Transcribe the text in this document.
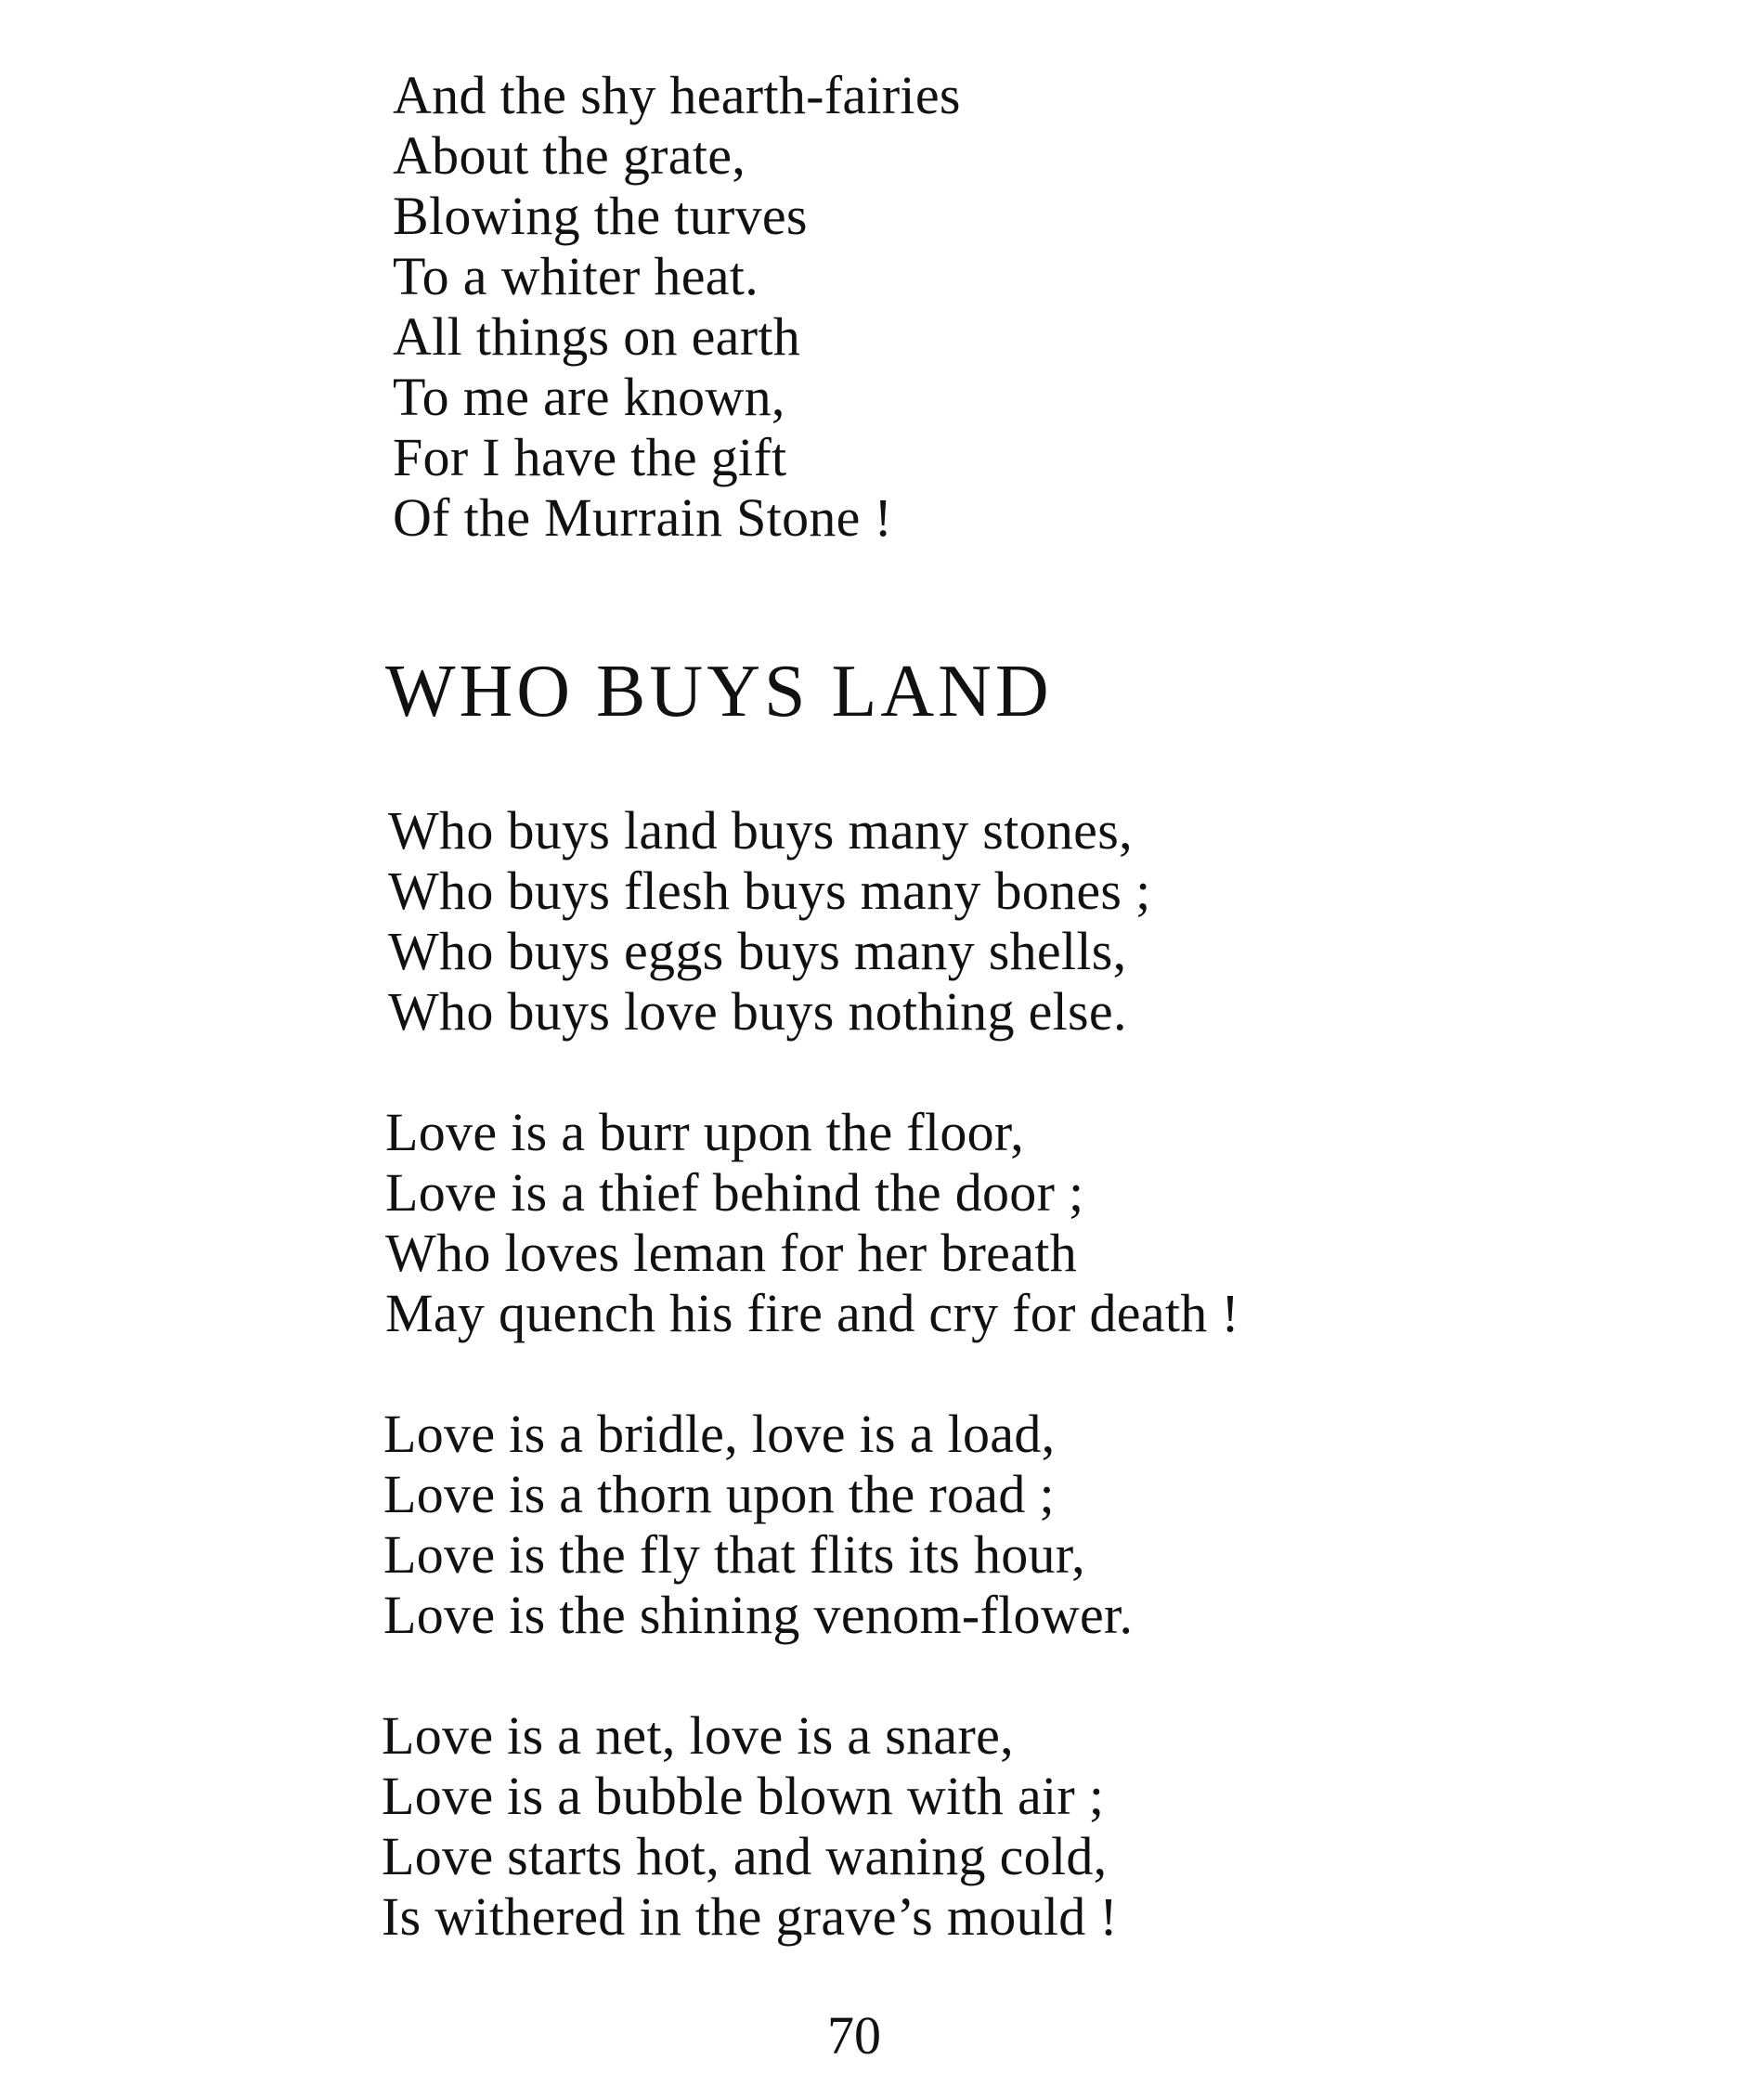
And the shy hearth-fairies
About the grate,
Blowing the turves
To a whiter heat.
All things on earth
To me are known,
For I have the gift
Of the Murrain Stone !
WHO BUYS LAND
Who buys land buys many stones,
Who buys flesh buys many bones ;
Who buys eggs buys many shells,
Who buys love buys nothing else.
Love is a burr upon the floor,
Love is a thief behind the door ;
Who loves leman for her breath
May quench his fire and cry for death !
Love is a bridle, love is a load,
Love is a thorn upon the road ;
Love is the fly that flits its hour,
Love is the shining venom-flower.
Love is a net, love is a snare,
Love is a bubble blown with air ;
Love starts hot, and waning cold,
Is withered in the grave’s mould !
70
